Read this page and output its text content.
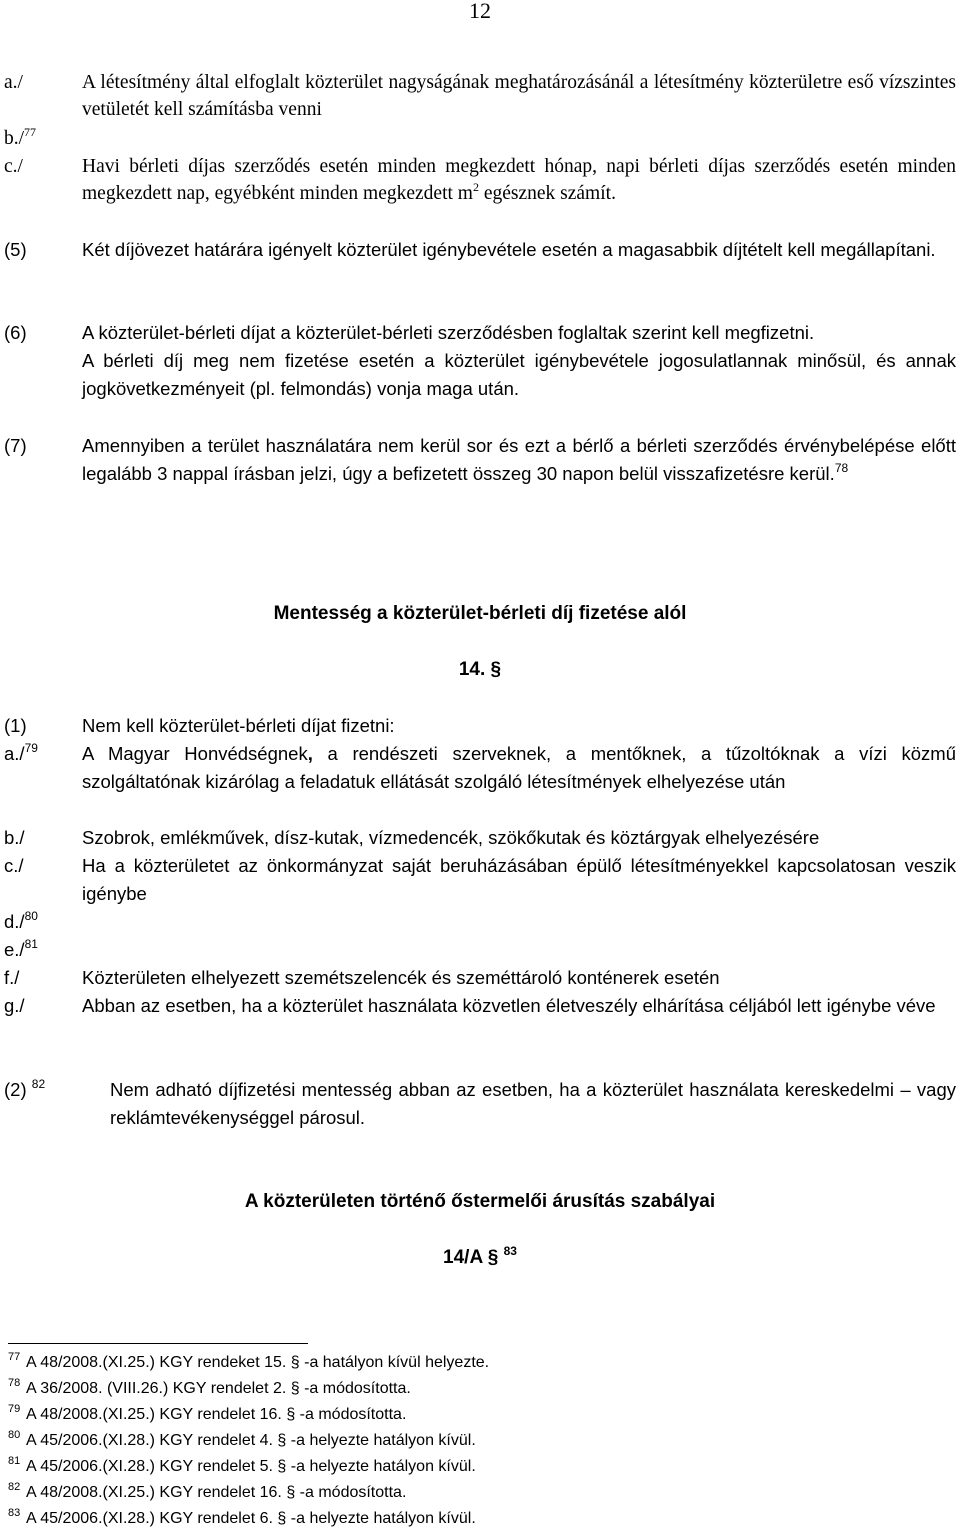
12
a./	A létesítmény által elfoglalt közterület nagyságának meghatározásánál a létesítmény közterületre eső vízszintes vetületét kell számításba venni
b./$^{77}$
c./	Havi bérleti díjas szerződés esetén minden megkezdett hónap, napi bérleti díjas szerződés esetén minden megkezdett nap, egyébként minden megkezdett $m^2$ egésznek számít.
(5)	Két díjövezet határára igényelt közterület igénybevétele esetén a magasabbik díjtételt kell megállapítani.
(6)	A közterület-bérleti díjat a közterület-bérleti szerződésben foglaltak szerint kell megfizetni.
A bérleti díj meg nem fizetése esetén a közterület igénybevétele jogosulatlannak minősül, és annak jogkövetkezményeit (pl. felmondás) vonja maga után.
(7)	Amennyiben a terület használatára nem kerül sor és ezt a bérlő a bérleti szerződés érvénybelépése előtt legalább 3 nappal írásban jelzi, úgy a befizetett összeg 30 napon belül visszafizetésre kerül.$^{78}$
Mentesség a közterület-bérleti díj fizetése alól
14. §
(1)	Nem kell közterület-bérleti díjat fizetni:
a./$^{79}$ A Magyar Honvédségnek, a rendészeti szerveknek, a mentőknek, a tűzoltóknak a vízi közmű szolgáltatónak kizárólag a feladatuk ellátását szolgáló létesítmények elhelyezése után
b./	Szobrok, emlékművek, dísz-kutak, vízmedencék, szökőkutak és köztárgyak elhelyezésére
c./	Ha a közterületet az önkormányzat saját beruházásában épülő létesítményekkel kapcsolatosan veszik igénybe
d./$^{80}$
e./$^{81}$
f./	Közterületen elhelyezett szemétszelencék és szeméttároló konténerek esetén
g./	Abban az esetben, ha a közterület használata közvetlen életveszély elhárítása céljából lett igénybe véve
(2) $^{82}$	Nem adható díjfizetési mentesség abban az esetben, ha a közterület használata kereskedelmi – vagy reklámtevékenységgel párosul.
A közterületen történő őstermelői árusítás szabályai
14/A § $^{83}$
$^{77}$ A 48/2008.(XI.25.) KGY rendeket 15. § -a hatályon kívül helyezte.
$^{78}$ A 36/2008. (VIII.26.) KGY rendelet 2. § -a módosította.
$^{79}$ A 48/2008.(XI.25.) KGY rendelet 16. § -a módosította.
$^{80}$ A 45/2006.(XI.28.) KGY rendelet 4. § -a helyezte hatályon kívül.
$^{81}$ A 45/2006.(XI.28.) KGY rendelet 5. § -a helyezte hatályon kívül.
$^{82}$ A 48/2008.(XI.25.) KGY rendelet 16. § -a módosította.
$^{83}$ A 45/2006.(XI.28.) KGY rendelet 6. § -a helyezte hatályon kívül.
